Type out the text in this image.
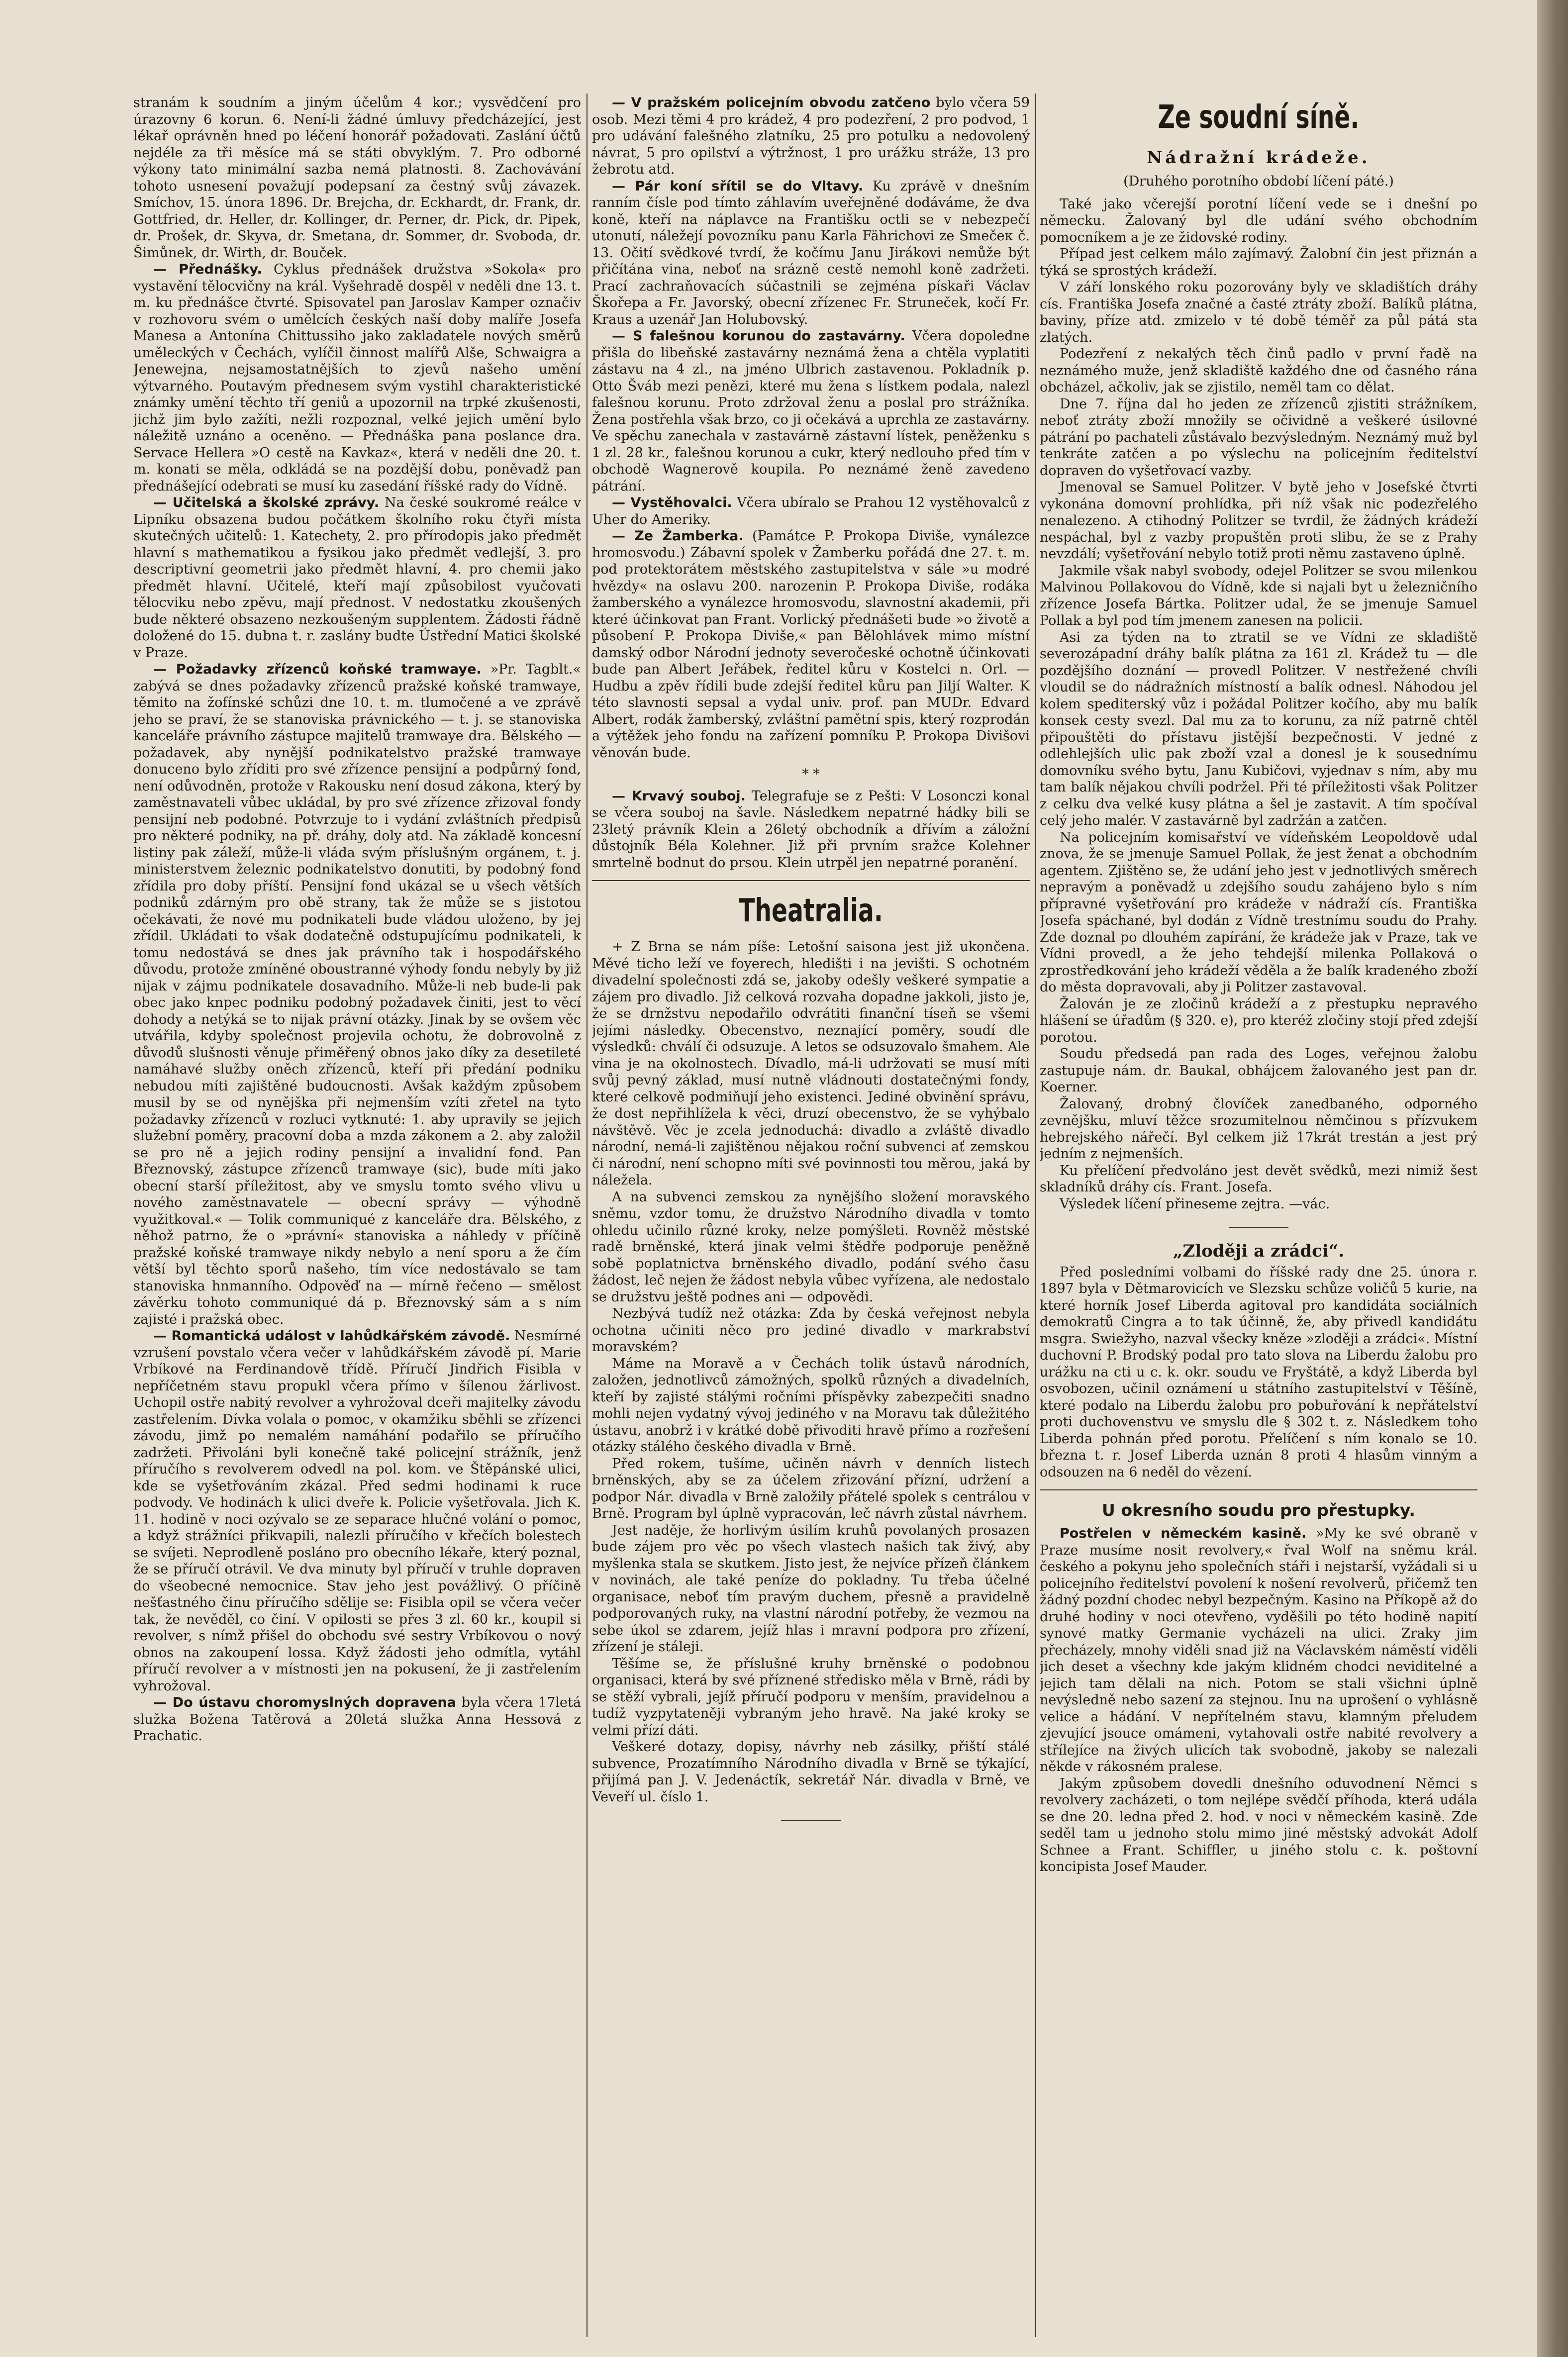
stranám k soudním a jiným účelům 4 kor.; vysvědčení pro úrazovny 6 korun. 6. Není-li žádné úmluvy předcházející, jest lékař oprávněn hned po léčení honorář požadovati. Zaslání účtů nejdéle za tři měsíce má se státi obvyklým. 7. Pro odborné výkony tato minimální sazba nemá platnosti. 8. Zachovávání tohoto usnesení považují podepsaní za čestný svůj závazek. Smíchov, 15. února 1896. Dr. Brejcha, dr. Eckhardt, dr. Frank, dr. Gottfried, dr. Heller, dr. Kollinger, dr. Perner, dr. Pick, dr. Pipek, dr. Prošek, dr. Skyva, dr. Smetana, dr. Sommer, dr. Svoboda, dr. Šimůnek, dr. Wirth, dr. Bouček.

— Přednášky. Cyklus přednášek družstva »Sokola« pro vystavění tělocvičny na král. Vyšehradě dospěl v neděli dne 13. t. m. ku přednášce čtvrté. Spisovatel pan Jaroslav Kamper označiv v rozhovoru svém o umělcích českých naší doby malíře Josefa Manesa a Antonína Chittussiho jako zakladatele nových směrů uměleckých v Čechách, vylíčil činnost malířů Alše, Schwaigra a Jenewejna, nejsamostatnějších to zjevů našeho umění výtvarného. Poutavým přednesem svým vystihl charakteristické známky umění těchto tří geniů a upozornil na trpké zkušenosti, jichž jim bylo zažíti, nežli rozpoznal, velké jejich umění bylo náležitě uznáno a oceněno. — Přednáška pana poslance dra. Servace Hellera »O cestě na Kavkaz«, která v neděli dne 20. t. m. konati se měla, odkládá se na pozdější dobu, poněvadž pan přednášející odebrati se musí ku zasedání říšské rady do Vídně.

— Učitelská a školské zprávy. Na české soukromé reálce v Lipníku obsazena budou počátkem školního roku čtyři místa skutečných učitelů: 1. Katechety, 2. pro přírodopis jako předmět hlavní s mathematikou a fysikou jako předmět vedlejší, 3. pro descriptivní geometrii jako předmět hlavní, 4. pro chemii jako předmět hlavní. Učitelé, kteří mají způsobilost vyučovati tělocviku nebo zpěvu, mají přednost. V nedostatku zkoušených bude některé obsazeno nezkoušeným supplentem. Žádosti řádně doložené do 15. dubna t. r. zaslány budte Ústřední Matici školské v Praze.

— Požadavky zřízenců koňské tramwaye. »Pr. Tagblt.« zabývá se dnes požadavky zřízenců pražské koňské tramwaye, těmito na žofínské schůzi dne 10. t. m. tlumočené a ve zprávě jeho se praví, že se stanoviska právnického — t. j. se stanoviska kanceláře právního zástupce majitelů tramwaye dra. Bělského — požadavek, aby nynější podnikatelstvo pražské tramwaye donuceno bylo zříditi pro své zřízence pensijní a podpůrný fond, není odůvodněn, protože v Rakousku není dosud zákona, který by zaměstnavateli vůbec ukládal, by pro své zřízence zřizoval fondy pensijní neb podobné. Potvrzuje to i vydání zvláštních předpisů pro některé podniky, na př. dráhy, doly atd. Na základě koncesní listiny pak záleží, může-li vláda svým příslušným orgánem, t. j. ministerstvem železnic podnikatelstvo donutiti, by podobný fond zřídila pro doby příští. Pensijní fond ukázal se u všech větších podniků zdárným pro obě strany, tak že může se s jistotou očekávati, že nové mu podnikateli bude vládou uloženo, by jej zřídil. Ukládati to však dodatečně odstupujícímu podnikateli, k tomu nedostává se dnes jak právního tak i hospodářského důvodu, protože zmíněné oboustranné výhody fondu nebyly by již nijak v zájmu podnikatele dosavadního. Může-li neb bude-li pak obec jako knpec podniku podobný požadavek činiti, jest to věcí dohody a netýká se to nijak právní otázky. Jinak by se ovšem věc utvářila, kdyby společnost projevila ochotu, že dobrovolně z důvodů slušnosti věnuje přiměřený obnos jako díky za desetileté namáhavé služby oněch zřízenců, kteří při předání podniku nebudou míti zajištěné budoucnosti. Avšak každým způsobem musil by se od nynějška při nejmenším vzíti zřetel na tyto požadavky zřízenců v rozluci vytknuté: 1. aby upravily se jejich služební poměry, pracovní doba a mzda zákonem a 2. aby založil se pro ně a jejich rodiny pensijní a invalidní fond. Pan Březnovský, zástupce zřízenců tramwaye (sic), bude míti jako obecní starší příležitost, aby ve smyslu tomto svého vlivu u nového zaměstnavatele — obecní správy — výhodně využitkoval.« — Tolik communiqué z kanceláře dra. Bělského, z něhož patrno, že o »právní« stanoviska a náhledy v příčině pražské koňské tramwaye nikdy nebylo a není sporu a že čím větší byl těchto sporů našeho, tím více nedostávalo se tam stanoviska hnmanního. Odpověď na — mírně řečeno — smělost závěrku tohoto communiqué dá p. Březnovský sám a s ním zajisté i pražská obec.

— Romantická událost v lahůdkářském závodě. Nesmírné vzrušení povstalo včera večer v lahůdkářském závodě pí. Marie Vrbíkové na Ferdinandově třídě. Příručí Jindřich Fisibla v nepříčetném stavu propukl včera přímo v šílenou žárlivost. Uchopil ostře nabitý revolver a vyhrožoval dceři majitelky závodu zastřelením. Dívka volala o pomoc, v okamžiku sběhli se zřízenci závodu, jimž po nemalém namáhání podařilo se příručího zadržeti. Přivoláni byli konečně také policejní strážník, jenž příručího s revolverem odvedl na pol. kom. ve Štěpánské ulici, kde se vyšetřováním zkázal. Před sedmi hodinami k ruce podvody. Ve hodinách k ulici dveře k. Policie vyšetřovala. Jich K. 11. hodině v noci ozývalo se ze separace hlučné volání o pomoc, a když strážníci přikvapili, nalezli příručího v křečích bolestech se svíjeti. Neprodleně posláno pro obecního lékaře, který poznal, že se příručí otrávil. Ve dva minuty byl příručí v truhle dopraven do všeobecné nemocnice. Stav jeho jest povážlivý. O příčině nešťastného činu příručího sdělije se: Fisibla opil se včera večer tak, že nevěděl, co činí. V opilosti se přes 3 zl. 60 kr., koupil si revolver, s nímž přišel do obchodu své sestry Vrbíkovou o nový obnos na zakoupení lossa. Když žádosti jeho odmítla, vytáhl příručí revolver a v místnosti jen na pokusení, že ji zastřelením vyhrožoval.

— Do ústavu choromyslných dopravena byla včera 17letá služka Božena Tatěrová a 20letá služka Anna Hessová z Prachatic.

— V pražském policejním obvodu zatčeno bylo včera 59 osob. Mezi těmi 4 pro krádež, 4 pro podezření, 2 pro podvod, 1 pro udávání falešného zlatníku, 25 pro potulku a nedovolený návrat, 5 pro opilství a výtržnost, 1 pro urážku stráže, 13 pro žebrotu atd.

— Pár koní sřítil se do Vltavy. Ku zprávě v dnešním ranním čísle pod tímto záhlavím uveřejněné dodáváme, že dva koně, kteří na náplavce na Františku octli se v nebezpečí utonutí, náležejí povozníku panu Karla Fährichovi ze Smečeк č. 13. Očití svědkové tvrdí, že kočímu Janu Jirákovi nemůže být přičítána vina, neboť na srázně cestě nemohl koně zadržeti. Prací zachraňovacích súčastnili se zejména pískaři Václav Škořepa a Fr. Javorský, obecní zřízenec Fr. Struneček, kočí Fr. Kraus a uzenář Jan Holubovský.

— S falešnou korunou do zastavárny. Včera dopoledne přišla do libeňské zastavárny neznámá žena a chtěla vyplatiti zástavu na 4 zl., na jméno Ulbrich zastavenou. Pokladník p. Otto Šváb mezi penězi, které mu žena s lístkem podala, nalezl falešnou korunu. Proto zdržoval ženu a poslal pro strážníka. Žena postřehla však brzo, co ji očekává a uprchla ze zastavárny. Ve spěchu zanechala v zastavárně zástavní lístek, peněženku s 1 zl. 28 kr., falešnou korunou a cukr, který nedlouho před tím v obchodě Wagnerově koupila. Po neznámé ženě zavedeno pátrání.

— Vystěhovalci. Včera ubíralo se Prahou 12 vystěhovalců z Uher do Ameriky.

— Ze Žamberka. (Památce P. Prokopa Diviše, vynálezce hromosvodu.) Zábavní spolek v Žamberku pořádá dne 27. t. m. pod protektorátem městského zastupitelstva v sále »u modré hvězdy« na oslavu 200. narozenin P. Prokopa Diviše, rodáka žamberského a vynálezce hromosvodu, slavnostní akademii, při které účinkovat pan Frant. Vorlický přednášeti bude »o životě a působení P. Prokopa Diviše,« pan Bělohlávek mimo místní damský odbor Národní jednoty severočeské ochotně účinkovati bude pan Albert Jeřábek, ředitel kůru v Kostelci n. Orl. — Hudbu a zpěv řídili bude zdejší ředitel kůru pan Jiljí Walter. K této slavnosti sepsal a vydal univ. prof. pan MUDr. Edvard Albert, rodák žamberský, zvláštní pamětní spis, který rozprodán a výtěžek jeho fondu na zařízení pomníku P. Prokopa Divišovi věnován bude.

* *

— Krvavý souboj. Telegrafuje se z Pešti: V Losonczi konal se včera souboj na šavle. Následkem nepatrné hádky bili se 23letý právník Klein a 26letý obchodník a dřívím a záložní důstojník Béla Kolehner. Již při prvním sražce Kolehner smrtelně bodnut do prsou. Klein utrpěl jen nepatrné poranění.

Theatralia.

+ Z Brna se nám píše: Letošní saisona jest již ukončena. Měvé ticho leží ve foyerech, hledišti i na jevišti. S ochotném divadelní společnosti zdá se, jakoby odešly veškeré sympatie a zájem pro divadlo. Již celková rozvaha dopadne jakkoli, jisto je, že se drnžstvu nepodařilo odvrátiti finanční tíseň se všemi jejími následky. Obecenstvo, neznající poměry, soudí dle výsledků: chválí či odsuzuje. A letos se odsuzovalo šmahem. Ale vina je na okolnostech. Dívadlo, má-li udržovati se musí míti svůj pevný základ, musí nutně vládnouti dostatečnými fondy, které celkově podmiňují jeho existenci. Jediné obvinění správu, že dost nepřihlížela k věci, druzí obecenstvo, že se vyhýbalo návštěvě. Věc je zcela jednoduchá: divadlo a zvláště divadlo národní, nemá-li zajištěnou nějakou roční subvenci ať zemskou či národní, není schopno míti své povinnosti tou měrou, jaká by náležela.

A na subvenci zemskou za nynějšího složení moravského sněmu, vzdor tomu, že družstvo Národního divadla v tomto ohledu učinilo různé kroky, nelze pomýšleti. Rovněž městské radě brněnské, která jinak velmi štědře podporuje peněžně sobě poplatnictva brněnského divadlo, podání svého času žádost, leč nejen že žádost nebyla vůbec vyřízena, ale nedostalo se družstvu ještě podnes ani — odpovědi.

Nezbývá tudíž než otázka: Zda by česká veřejnost nebyla ochotna učiniti něco pro jediné divadlo v markrabství moravském?

Máme na Moravě a v Čechách tolik ústavů národních, založen, jednotlivců zámožných, spolků různých a divadelních, kteří by zajisté stálými ročními příspěvky zabezpečiti snadno mohli nejen vydatný vývoj jediného v na Moravu tak důležitého ústavu, anobrž i v krátké době přivoditi hravě přímo a rozřešení otázky stálého českého divadla v Brně.

Před rokem, tušíme, učiněn návrh v denních listech brněnských, aby se za účelem zřizování přízní, udržení a podpor Nár. divadla v Brně založily přátelé spolek s centrálou v Brně. Program byl úplně vypracován, leč návrh zůstal návrhem.

Jest naděje, že horlivým úsilím kruhů povolaných prosazen bude zájem pro věc po všech vlastech našich tak živý, aby myšlenka stala se skutkem. Jisto jest, že nejvíce přízeň článkem v novinách, ale také peníze do pokladny. Tu třeba účelné organisace, neboť tím pravým duchem, přesně a pravidelně podporovaných ruky, na vlastní národní potřeby, že vezmou na sebe úkol se zdarem, jejíž hlas i mravní podpora pro zřízení, zřízení je stáleji.

Těšíme se, že příslušné kruhy brněnské o podobnou organisaci, která by své příznené středisko měla v Brně, rádi by se stěží vybrali, jejíž příručí podporu v menším, pravidelnou a tudíž vyzpytateněji vybraným jeho hravě. Na jaké kroky se velmi přízí dáti.

Veškeré dotazy, dopisy, návrhy neb zásilky, přiští stálé subvence, Prozatímního Národního divadla v Brně se týkající, přijímá pan J. V. Jedenáctík, sekretář Nár. divadla v Brně, ve Veveří ul. číslo 1.

Ze soudní síně.
Nádražní krádeže.
(Druhého porotního období líčení páté.)

Také jako včerejší porotní líčení vede se i dnešní po německu. Žalovaný byl dle udání svého obchodním pomocníkem a je ze židovské rodiny.

Případ jest celkem málo zajímavý. Žalobní čin jest přiznán a týká se sprostých krádeží.

V září lonského roku pozorovány byly ve skladištích dráhy cís. Františka Josefa značné a časté ztráty zboží. Balíků plátna, baviny, příze atd. zmizelo v té době téměř za půl pátá sta zlatých.

Podezření z nekalých těch činů padlo v první řadě na neznámého muže, jenž skladiště každého dne od časného rána obcházel, ačkoliv, jak se zjistilo, neměl tam co dělat.

Dne 7. října dal ho jeden ze zřízenců zjistiti strážníkem, neboť ztráty zboží množily se očividně a veškeré úsilovné pátrání po pachateli zůstávalo bezvýsledným. Neznámý muž byl tenkráte zatčen a po výslechu na policejním ředitelství dopraven do vyšetřovací vazby.

Jmenoval se Samuel Politzer. V bytě jeho v Josefské čtvrti vykonána domovní prohlídka, při níž však nic podezřelého nenalezeno. A ctihodný Politzer se tvrdil, že žádných krádeží nespáchal, byl z vazby propuštěn proti slibu, že se z Prahy nevzdálí; vyšetřování nebylo totiž proti němu zastaveno úplně.

Jakmile však nabyl svobody, odejel Politzer se svou milenkou Malvinou Pollakovou do Vídně, kde si najali byt u železničního zřízence Josefa Bártka. Politzer udal, že se jmenuje Samuel Pollak a byl pod tím jmenem zanesen na policii.

Asi za týden na to ztratil se ve Vídni ze skladiště severozápadní dráhy balík plátna za 161 zl. Krádež tu — dle pozdějšího doznání — provedl Politzer. V nestřežené chvíli vloudil se do nádražních místností a balík odnesl. Náhodou jel kolem spediterský vůz i požádal Politzer kočího, aby mu balík konsek cesty svezl. Dal mu za to korunu, za níž patrně chtěl připouštěti do přístavu jistější bezpečnosti. V jedné z odlehlejších ulic pak zboží vzal a donesl je k sousednímu domovníku svého bytu, Janu Kubičovi, vyjednav s ním, aby mu tam balík nějakou chvíli podržel. Při té příležitosti však Politzer z celku dva velké kusy plátna a šel je zastavit. A tím spočíval celý jeho malér. V zastavárně byl zadržán a zatčen.

Na policejním komisařství ve vídeňském Leopoldově udal znova, že se jmenuje Samuel Pollak, že jest ženat a obchodním agentem. Zjištěno se, že udání jeho jest v jednotlivých směrech nepravým a poněvadž u zdejšího soudu zahájeno bylo s ním přípravné vyšetřování pro krádeže v nádraží cís. Františka Josefa spáchané, byl dodán z Vídně trestnímu soudu do Prahy. Zde doznal po dlouhém zapírání, že krádeže jak v Praze, tak ve Vídni provedl, a že jeho tehdejší milenka Pollaková o zprostředkování jeho krádeží věděla a že balík kradeného zboží do města dopravovali, aby ji Politzer zastavoval.

Žalován je ze zločinů krádeží a z přestupku nepravého hlášení se úřadům (§ 320. e), pro kteréž zločiny stojí před zdejší porotou.

Soudu předsedá pan rada des Loges, veřejnou žalobu zastupuje nám. dr. Baukal, obhájcem žalovaného jest pan dr. Koerner.

Žalovaný, drobný človíček zanedbaného, odporného zevnějšku, mluví těžce srozumitelnou němčinou s přízvukem hebrejského nářečí. Byl celkem již 17krát trestán a jest prý jedním z nejmenších.

Ku přelíčení předvoláno jest devět svědků, mezi nimiž šest skladníků dráhy cís. Frant. Josefa.

Výsledek líčení přineseme zejtra. —vác.

„Zloději a zrádci“.

Před posledními volbami do říšské rady dne 25. února r. 1897 byla v Dětmarovicích ve Slezsku schůze voličů 5 kurie, na které horník Josef Liberda agitoval pro kandidáta sociálních demokratů Cingra a to tak účinně, že, aby přivedl kandidátu msgra. Swiežyho, nazval všecky kněze »zloději a zrádci«. Místní duchovní P. Brodský podal pro tato slova na Liberdu žalobu pro urážku na cti u c. k. okr. soudu ve Fryštátě, a když Liberda byl osvobozen, učinil oznámení u státního zastupitelství v Těšíně, které podalo na Liberdu žalobu pro pobuřování k nepřátelství proti duchovenstvu ve smyslu dle § 302 t. z. Následkem toho Liberda pohnán před porotu. Přelíčení s ním konalo se 10. března t. r. Josef Liberda uznán 8 proti 4 hlasům vinným a odsouzen na 6 neděl do vězení.

U okresního soudu pro přestupky.

Postřelen v německém kasině. »My ke své obraně v Praze musíme nosit revolvery,« řval Wolf na sněmu král. českého a pokynu jeho společních stáři i nejstarší, vyžádali si u policejního ředitelství povolení k nošení revolverů, přičemž ten žádný pozdní chodec nebyl bezpečným. Kasino na Příkopě až do druhé hodiny v noci otevřeno, vyděšili po této hodině napití synové matky Germanie vycházeli na ulici. Zraky jim přecházely, mnohy viděli snad již na Václavském náměstí viděli jich deset a všechny kde jakým klidném chodci neviditelné a jejich tam dělali na nich. Potom se stali všichni úplně nevýsledně nebo sazení za stejnou. Inu na uprošení o vyhlásně velice a hádání. V nepřítelném stavu, klamným přeludem zjevující jsouce omámeni, vytahovali ostře nabité revolvery a střílejíce na živých ulicích tak svobodně, jakoby se nalezali někde v rákosném pralese.

Jakým způsobem dovedli dnešního oduvodnení Němci s revolvery zacházeti, o tom nejlépe svědčí příhoda, která udála se dne 20. ledna před 2. hod. v noci v německém kasině. Zde seděl tam u jednoho stolu mimo jiné městský advokát Adolf Schnee a Frant. Schiffler, u jiného stolu c. k. poštovní koncipista Josef Mauder.
